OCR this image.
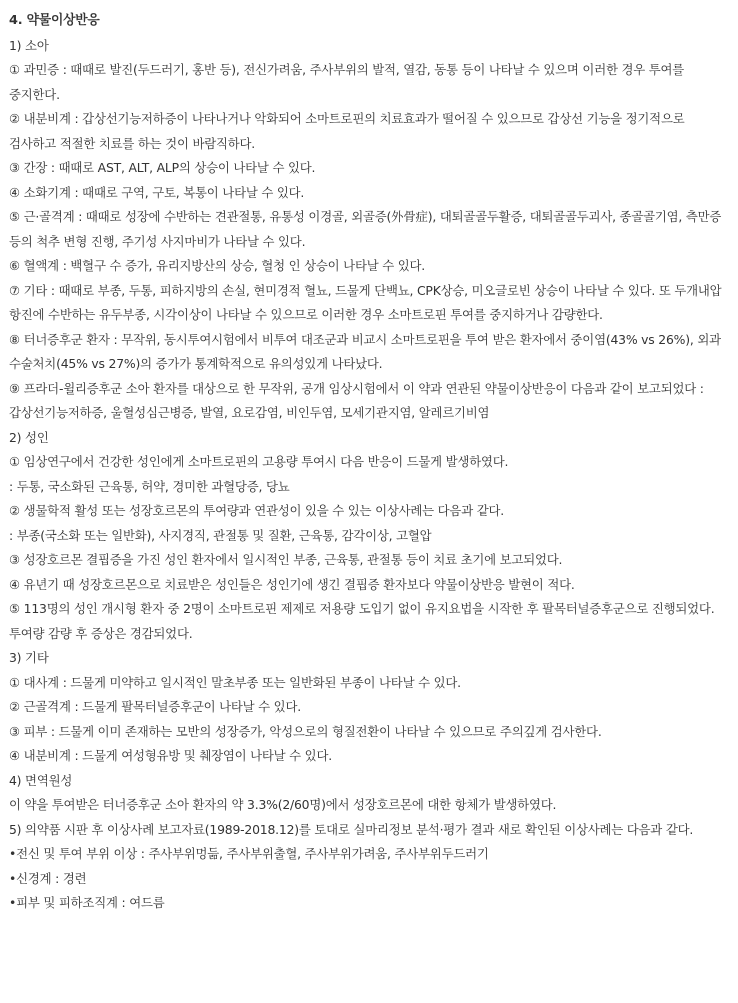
4. 약물이상반응

1) 소아

① 과민증 : 때때로 발진(두드러기, 홍반 등), 전신가려움, 주사부위의 발적, 열감, 동통 등이 나타날 수 있으며 이러한 경우 투여를 중지한다.

② 내분비계 : 갑상선기능저하증이 나타나거나 악화되어 소마트로핀의 치료효과가 떨어질 수 있으므로 갑상선 기능을 정기적으로 검사하고 적절한 치료를 하는 것이 바람직하다.

③ 간장 : 때때로 AST, ALT, ALP의 상승이 나타날 수 있다.

④ 소화기계 : 때때로 구역, 구토, 복통이 나타날 수 있다.

⑤ 근·골격계 : 때때로 성장에 수반하는 견관절통, 유통성 이경골, 외골증(外骨症), 대퇴골골두활증, 대퇴골골두괴사, 종골골기염, 측만증 등의 척추 변형 진행, 주기성 사지마비가 나타날 수 있다.

⑥ 혈액계 : 백혈구 수 증가, 유리지방산의 상승, 혈청 인 상승이 나타날 수 있다.

⑦ 기타 : 때때로 부종, 두통, 피하지방의 손실, 현미경적 혈뇨, 드물게 단백뇨, CPK상승, 미오글로빈 상승이 나타날 수 있다. 또 두개내압 항진에 수반하는 유두부종, 시각이상이 나타날 수 있으므로 이러한 경우 소마트로핀 투여를 중지하거나 감량한다.

⑧ 터너증후군 환자 : 무작위, 동시투여시험에서 비투여 대조군과 비교시 소마트로핀을 투여 받은 환자에서 중이염(43% vs 26%), 외과 수술처치(45% vs 27%)의 증가가 통계학적으로 유의성있게 나타났다.

⑨ 프라더-윌리증후군 소아 환자를 대상으로 한 무작위, 공개 임상시험에서 이 약과 연관된 약물이상반응이 다음과 같이 보고되었다 : 갑상선기능저하증, 울혈성심근병증, 발열, 요로감염, 비인두염, 모세기관지염, 알레르기비염

2) 성인

① 임상연구에서 건강한 성인에게 소마트로핀의 고용량 투여시 다음 반응이 드물게 발생하였다.

: 두통, 국소화된 근육통, 허약, 경미한 과혈당증, 당뇨

② 생물학적 활성 또는 성장호르몬의 투여량과 연관성이 있을 수 있는 이상사례는 다음과 같다.

: 부종(국소화 또는 일반화), 사지경직, 관절통 및 질환, 근육통, 감각이상, 고혈압

③ 성장호르몬 결핍증을 가진 성인 환자에서 일시적인 부종, 근육통, 관절통 등이 치료 초기에 보고되었다.

④ 유년기 때 성장호르몬으로 치료받은 성인들은 성인기에 생긴 결핍증 환자보다 약물이상반응 발현이 적다.

⑤ 113명의 성인 개시형 환자 중 2명이 소마트로핀 제제로 저용량 도입기 없이 유지요법을 시작한 후 팔목터널증후군으로 진행되었다. 투여량 감량 후 증상은 경감되었다.

3) 기타

① 대사계 : 드물게 미약하고 일시적인 말초부종 또는 일반화된 부종이 나타날 수 있다.

② 근골격계 : 드물게 팔목터널증후군이 나타날 수 있다.

③ 피부 : 드물게 이미 존재하는 모반의 성장증가, 악성으로의 형질전환이 나타날 수 있으므로 주의깊게 검사한다.

④ 내분비계 : 드물게 여성형유방 및 췌장염이 나타날 수 있다.

4) 면역원성

이 약을 투여받은 터너증후군 소아 환자의 약 3.3%(2/60명)에서 성장호르몬에 대한 항체가 발생하였다.

5) 의약품 시판 후 이상사례 보고자료(1989-2018.12)를 토대로 실마리정보 분석·평가 결과 새로 확인된 이상사례는 다음과 같다.

•전신 및 투여 부위 이상 : 주사부위멍듦, 주사부위출혈, 주사부위가려움, 주사부위두드러기

•신경계 : 경련

•피부 및 피하조직계 : 여드름
